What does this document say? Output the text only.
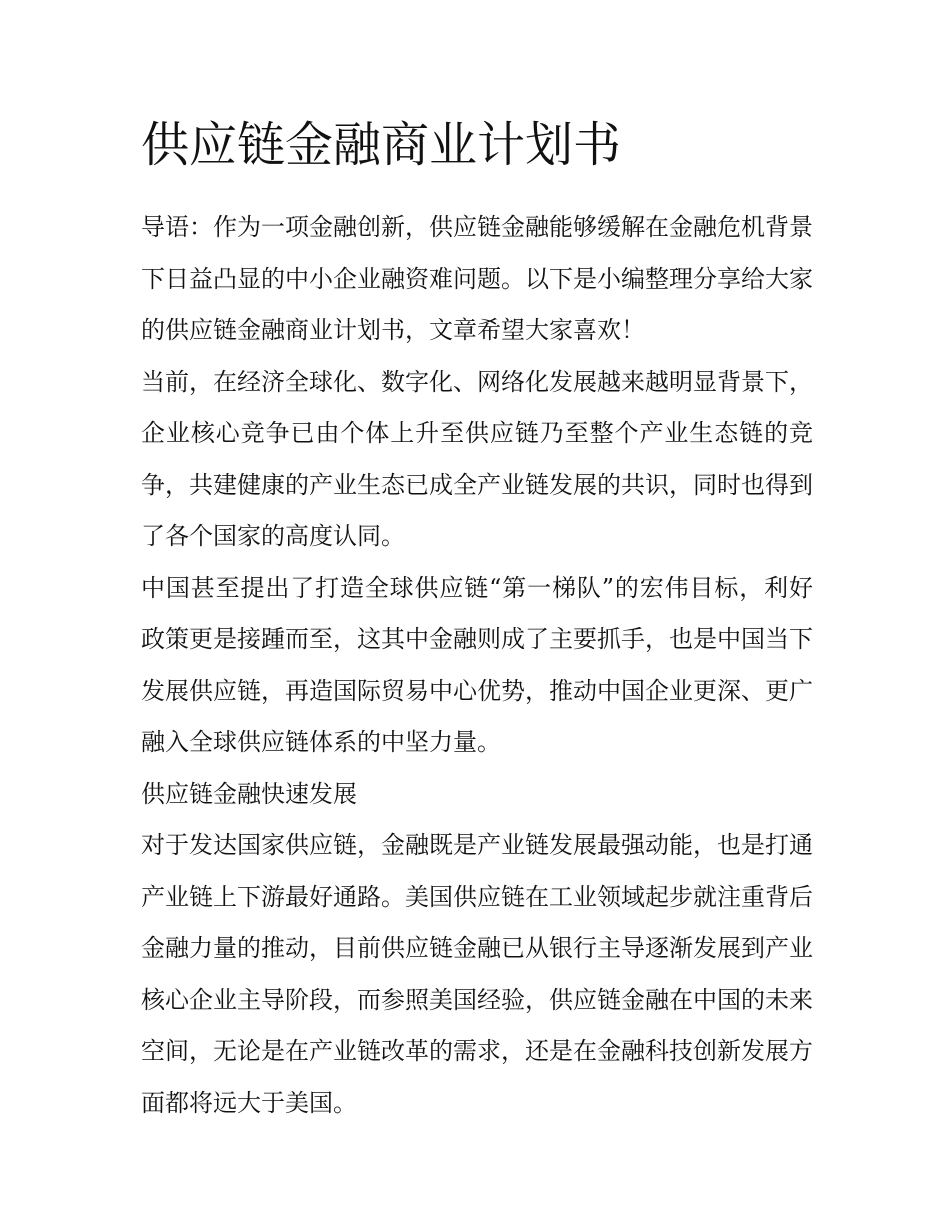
供应链金融商业计划书

导语：作为一项金融创新，供应链金融能够缓解在金融危机背景下日益凸显的中小企业融资难问题。以下是小编整理分享给大家的供应链金融商业计划书，文章希望大家喜欢！

当前，在经济全球化、数字化、网络化发展越来越明显背景下，企业核心竞争已由个体上升至供应链乃至整个产业生态链的竞争，共建健康的产业生态已成全产业链发展的共识，同时也得到了各个国家的高度认同。

中国甚至提出了打造全球供应链“第一梯队”的宏伟目标，利好政策更是接踵而至，这其中金融则成了主要抓手，也是中国当下发展供应链，再造国际贸易中心优势，推动中国企业更深、更广融入全球供应链体系的中坚力量。

供应链金融快速发展

对于发达国家供应链，金融既是产业链发展最强动能，也是打通产业链上下游最好通路。美国供应链在工业领域起步就注重背后金融力量的推动，目前供应链金融已从银行主导逐渐发展到产业核心企业主导阶段，而参照美国经验，供应链金融在中国的未来空间，无论是在产业链改革的需求，还是在金融科技创新发展方面都将远大于美国。
